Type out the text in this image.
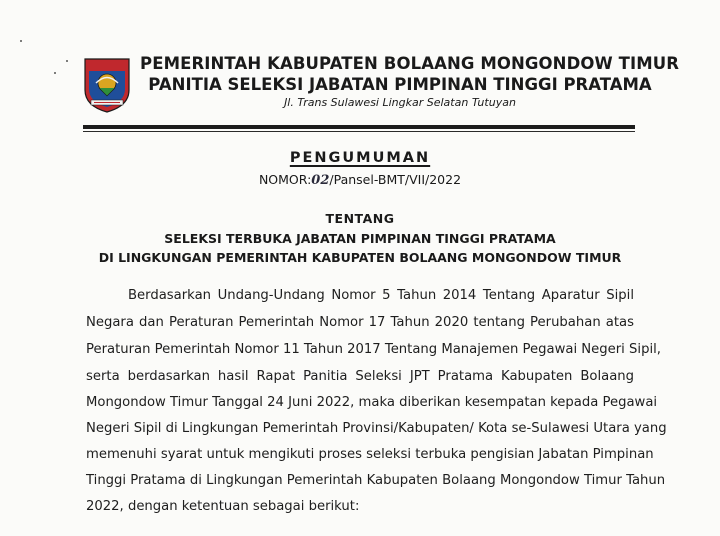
PEMERINTAH KABUPATEN BOLAANG MONGONDOW TIMUR
PANITIA SELEKSI JABATAN PIMPINAN TINGGI PRATAMA
Jl. Trans Sulawesi Lingkar Selatan Tutuyan
PENGUMUMAN
NOMOR:02/Pansel-BMT/VII/2022
TENTANG
SELEKSI TERBUKA JABATAN PIMPINAN TINGGI PRATAMA
DI LINGKUNGAN PEMERINTAH KABUPATEN BOLAANG MONGONDOW TIMUR
Berdasarkan Undang-Undang Nomor 5 Tahun 2014 Tentang Aparatur Sipil
Negara dan Peraturan Pemerintah Nomor 17 Tahun 2020 tentang Perubahan atas
Peraturan Pemerintah Nomor 11 Tahun 2017 Tentang Manajemen Pegawai Negeri Sipil,
serta berdasarkan hasil Rapat Panitia Seleksi JPT Pratama Kabupaten Bolaang
Mongondow Timur Tanggal 24 Juni 2022, maka diberikan kesempatan kepada Pegawai
Negeri Sipil di Lingkungan Pemerintah Provinsi/Kabupaten/ Kota se-Sulawesi Utara yang
memenuhi syarat untuk mengikuti proses seleksi terbuka pengisian Jabatan Pimpinan
Tinggi Pratama di Lingkungan Pemerintah Kabupaten Bolaang Mongondow Timur Tahun
2022, dengan ketentuan sebagai berikut:
